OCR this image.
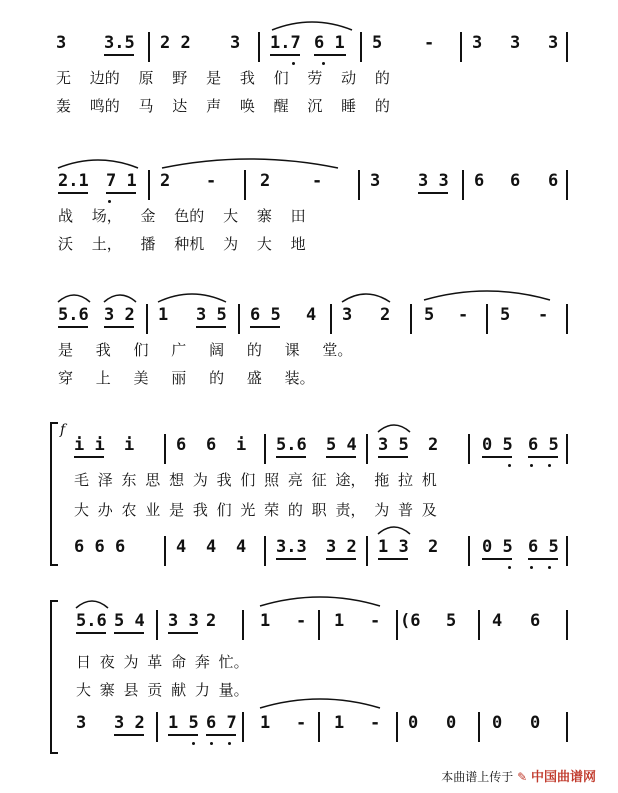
3 3.5 2 2 3 1.7 6 1 5 - 3 3 3
无 边的 原 野 是 我 们 劳 动 的
轰 鸣的 马 达 声 唤 醒 沉 睡 的
2.1 7 1 2 -	2 -	3 3 3 6 6 6
战 场， 金 色的 大 寨 田
沃 土， 播 种机 为 大 地
5.6 3 2 1 3 5 6 5 4 3 2 5 - 5 -
是 我 们 广 阔 的 课 堂。
穿 上 美 丽 的 盛 装。
f
i i i 6 6 i 5.6 5 4 3 5 2	0 5 6 5
毛 泽 东 思 想 为 我 们 照 亮 征 途， 拖 拉 机
大 办 农 业 是 我 们 光 荣 的 职 责， 为 普 及
6 6 6	4 4 4 3.3 3 2 1 3 2	0 5 6 5
5.6 5 4 3 3 2	1 - 1 - (6 5 4 6
日 夜 为 革 命 奔 忙。
大 寨 县 贡 献 力 量。
3 3 2 1 5 6 7 1 - 1 - 0 0 0 0
本曲谱上传于 ✎ 中国曲谱网
